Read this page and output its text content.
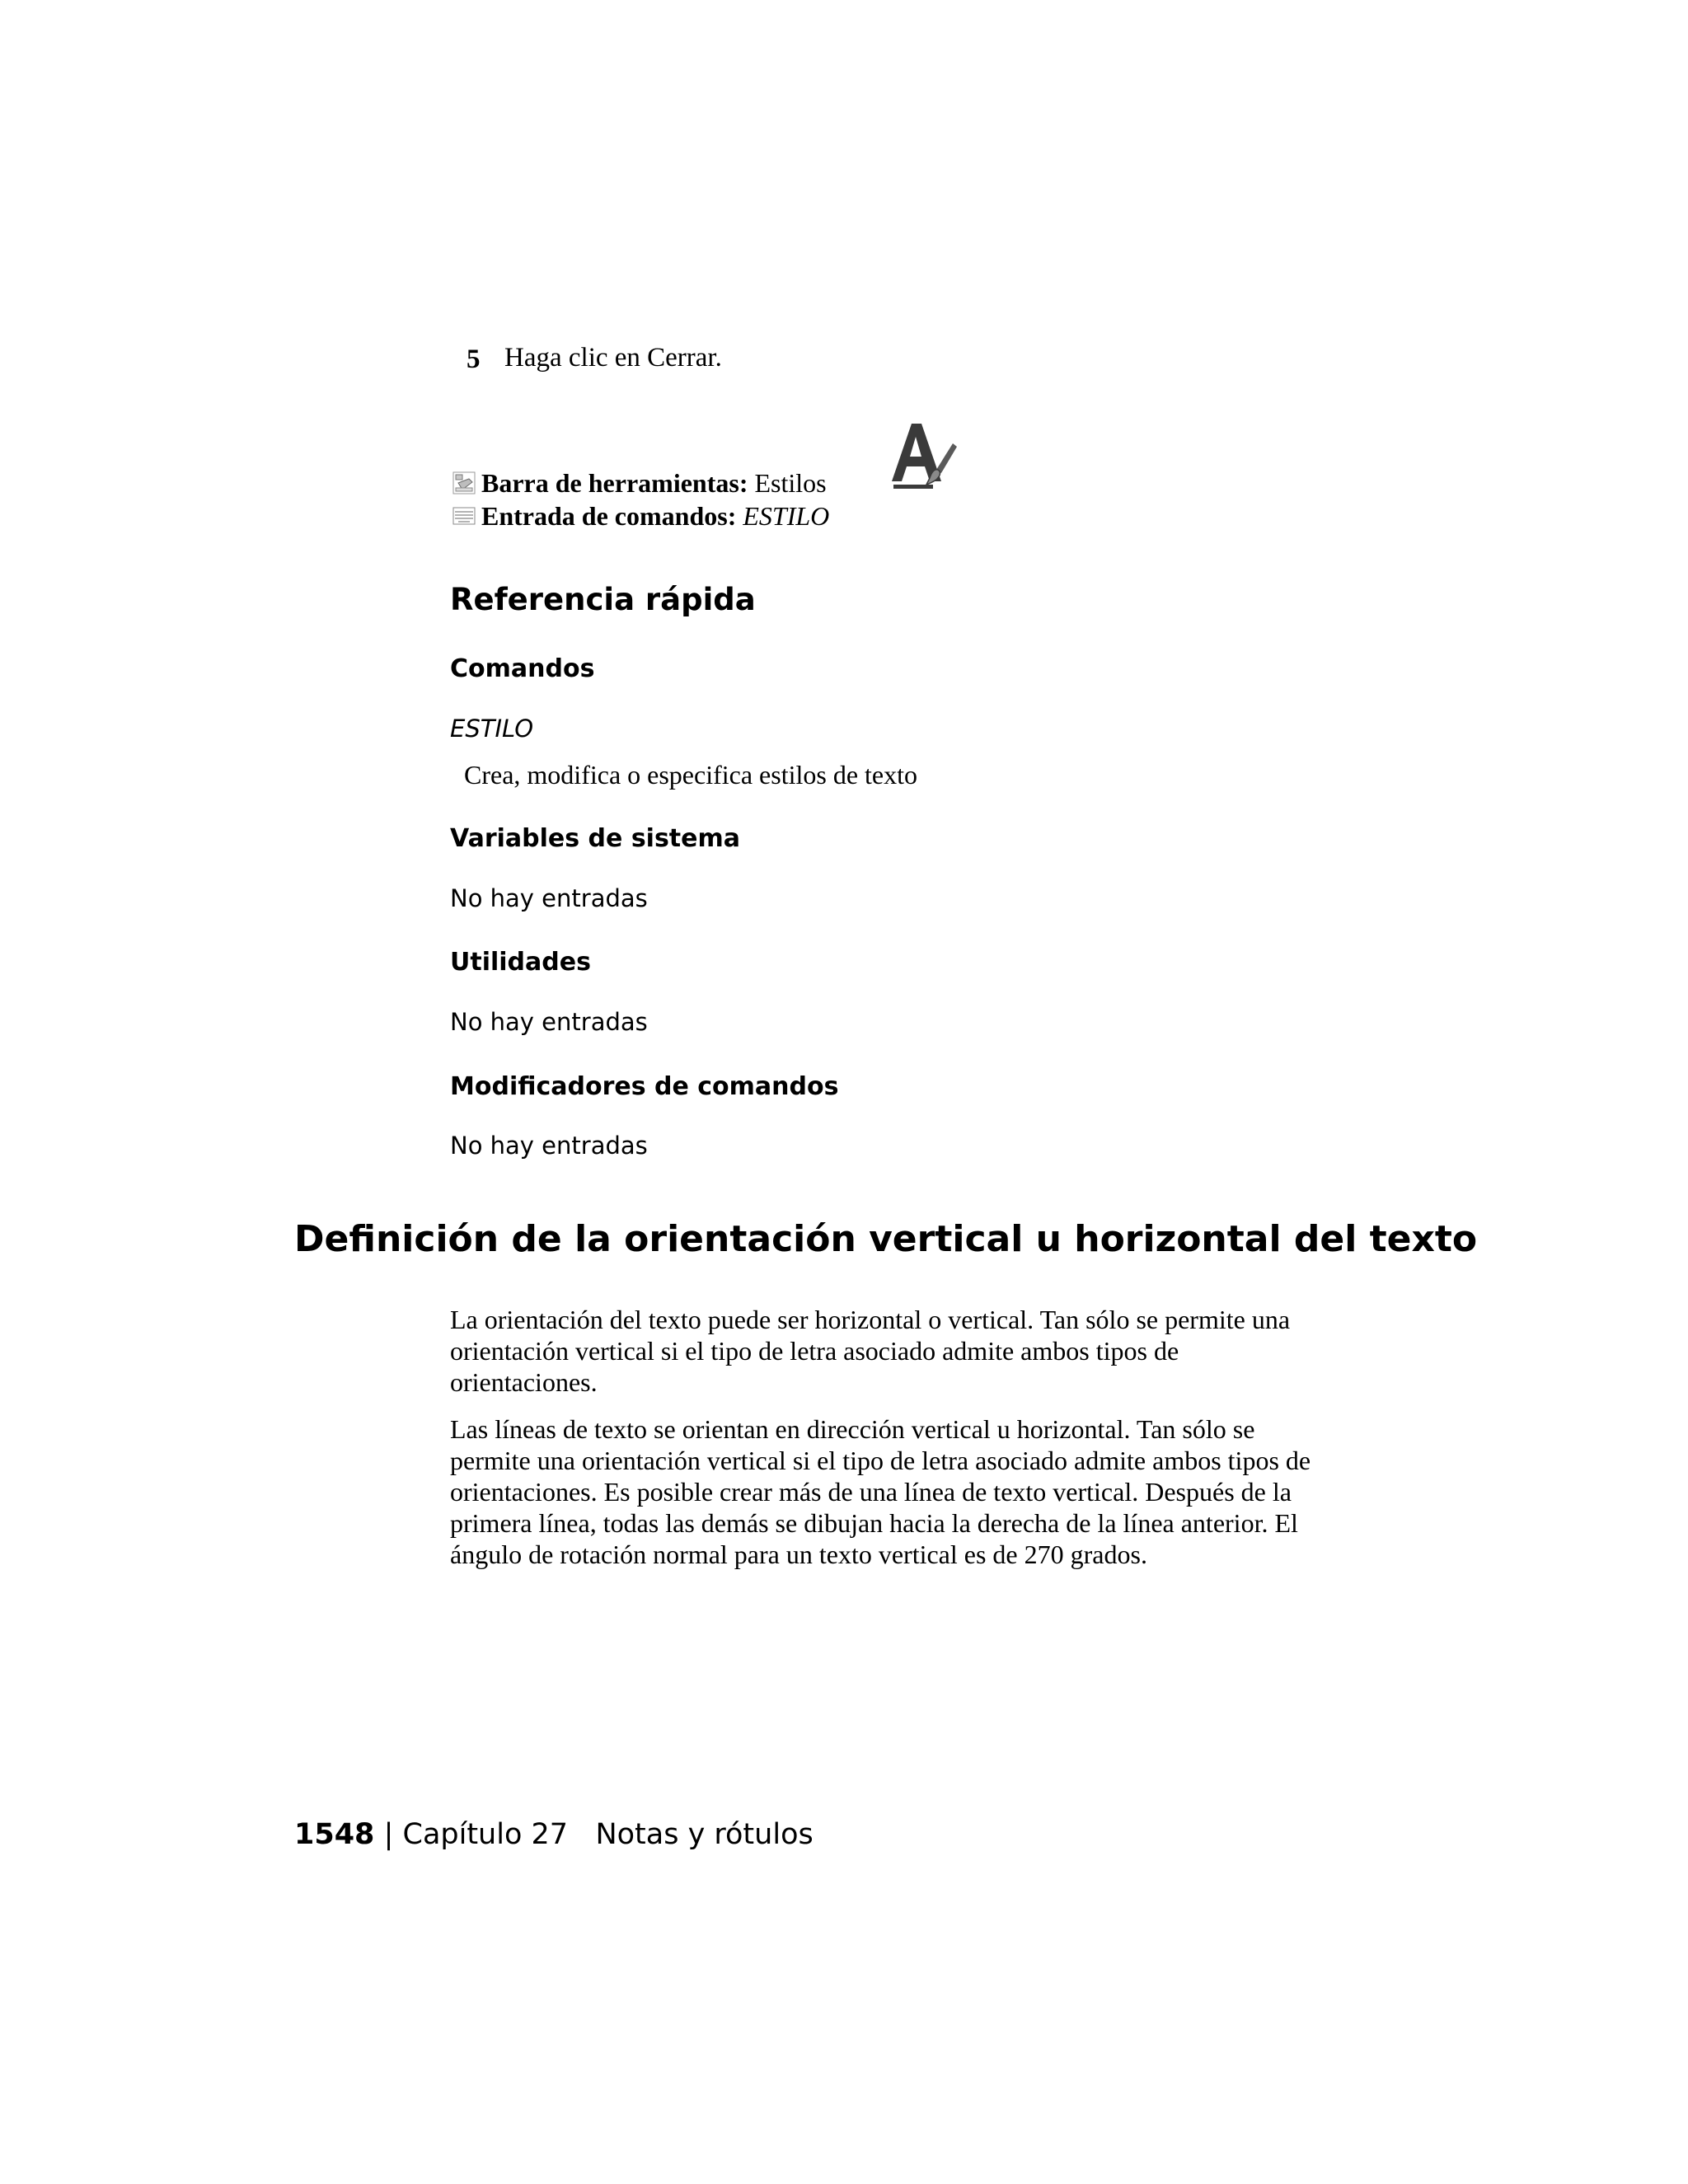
5 Haga clic en Cerrar.
Barra de herramientas: Estilos
Entrada de comandos: ESTILO
Referencia rápida
Comandos
ESTILO
Crea, modifica o especifica estilos de texto
Variables de sistema
No hay entradas
Utilidades
No hay entradas
Modificadores de comandos
No hay entradas
Definición de la orientación vertical u horizontal del texto
La orientación del texto puede ser horizontal o vertical. Tan sólo se permite una orientación vertical si el tipo de letra asociado admite ambos tipos de orientaciones.
Las líneas de texto se orientan en dirección vertical u horizontal. Tan sólo se permite una orientación vertical si el tipo de letra asociado admite ambos tipos de orientaciones. Es posible crear más de una línea de texto vertical. Después de la primera línea, todas las demás se dibujan hacia la derecha de la línea anterior. El ángulo de rotación normal para un texto vertical es de 270 grados.
1548 | Capítulo 27 Notas y rótulos
